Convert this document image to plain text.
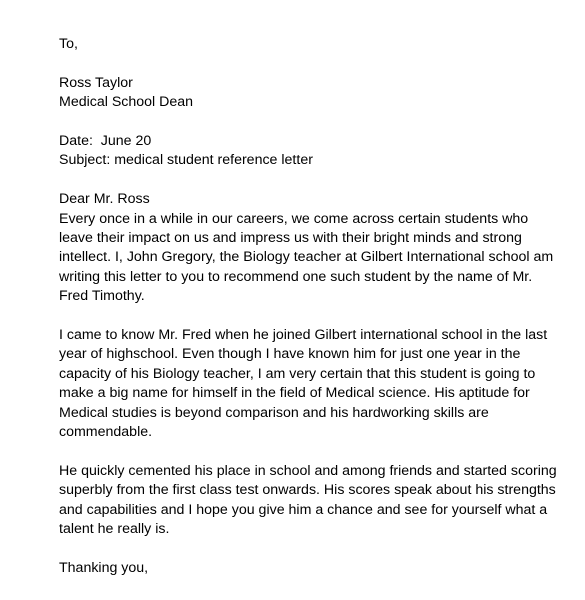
To,
Ross Taylor
Medical School Dean
Date:  June 20
Subject: medical student reference letter
Dear Mr. Ross
Every once in a while in our careers, we come across certain students who
leave their impact on us and impress us with their bright minds and strong
intellect. I, John Gregory, the Biology teacher at Gilbert International school am
writing this letter to you to recommend one such student by the name of Mr.
Fred Timothy.
I came to know Mr. Fred when he joined Gilbert international school in the last
year of highschool. Even though I have known him for just one year in the
capacity of his Biology teacher, I am very certain that this student is going to
make a big name for himself in the field of Medical science. His aptitude for
Medical studies is beyond comparison and his hardworking skills are
commendable.
He quickly cemented his place in school and among friends and started scoring
superbly from the first class test onwards. His scores speak about his strengths
and capabilities and I hope you give him a chance and see for yourself what a
talent he really is.
Thanking you,
